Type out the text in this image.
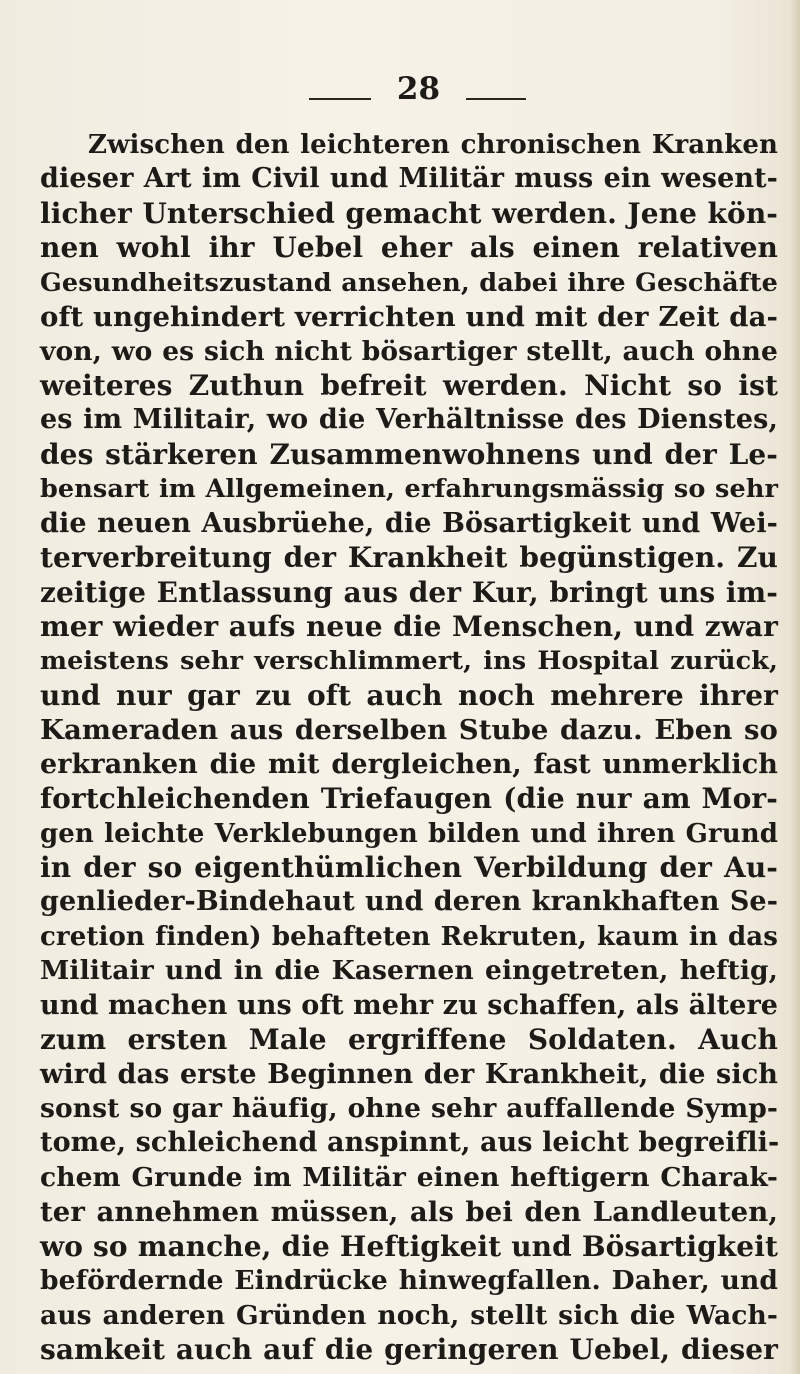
28
Zwischen den leichteren chronischen Kranken
dieser Art im Civil und Militär muss ein wesent-
licher Unterschied gemacht werden. Jene kön-
nen wohl ihr Uebel eher als einen relativen
Gesundheitszustand ansehen, dabei ihre Geschäfte
oft ungehindert verrichten und mit der Zeit da-
von, wo es sich nicht bösartiger stellt, auch ohne
weiteres Zuthun befreit werden. Nicht so ist
es im Militair, wo die Verhältnisse des Dienstes,
des stärkeren Zusammenwohnens und der Le-
bensart im Allgemeinen, erfahrungsmässig so sehr
die neuen Ausbrüehe, die Bösartigkeit und Wei-
terverbreitung der Krankheit begünstigen. Zu
zeitige Entlassung aus der Kur, bringt uns im-
mer wieder aufs neue die Menschen, und zwar
meistens sehr verschlimmert, ins Hospital zurück,
und nur gar zu oft auch noch mehrere ihrer
Kameraden aus derselben Stube dazu. Eben so
erkranken die mit dergleichen, fast unmerklich
fortchleichenden Triefaugen (die nur am Mor-
gen leichte Verklebungen bilden und ihren Grund
in der so eigenthümlichen Verbildung der Au-
genlieder-Bindehaut und deren krankhaften Se-
cretion finden) behafteten Rekruten, kaum in das
Militair und in die Kasernen eingetreten, heftig,
und machen uns oft mehr zu schaffen, als ältere
zum ersten Male ergriffene Soldaten. Auch
wird das erste Beginnen der Krankheit, die sich
sonst so gar häufig, ohne sehr auffallende Symp-
tome, schleichend anspinnt, aus leicht begreifli-
chem Grunde im Militär einen heftigern Charak-
ter annehmen müssen, als bei den Landleuten,
wo so manche, die Heftigkeit und Bösartigkeit
befördernde Eindrücke hinwegfallen. Daher, und
aus anderen Gründen noch, stellt sich die Wach-
samkeit auch auf die geringeren Uebel, dieser
